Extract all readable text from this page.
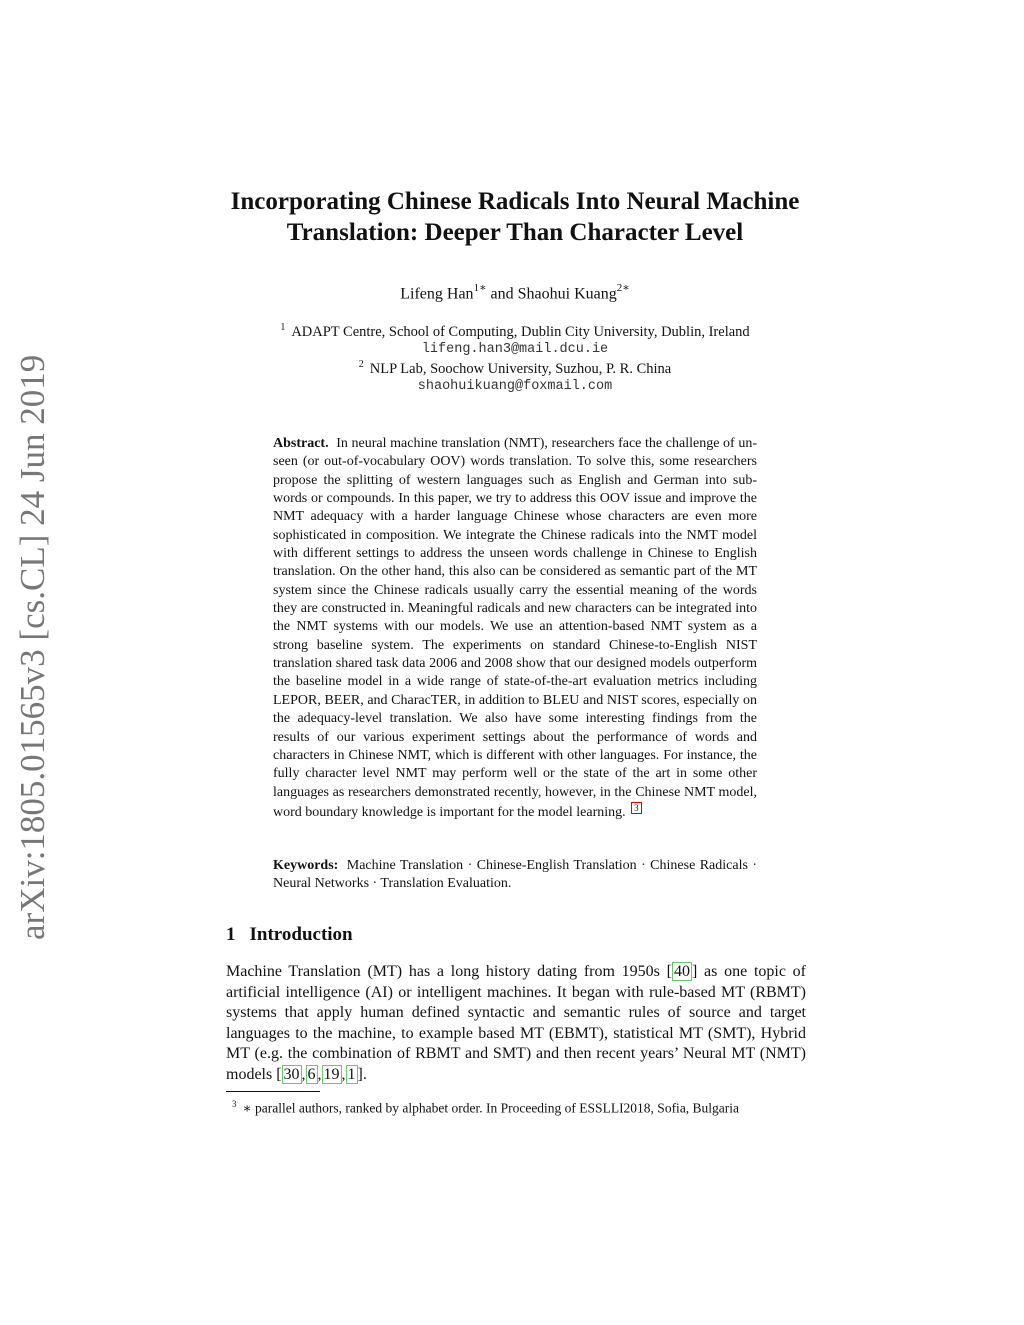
arXiv:1805.01565v3 [cs.CL] 24 Jun 2019
Incorporating Chinese Radicals Into Neural Machine Translation: Deeper Than Character Level
Lifeng Han$^{1∗}$ and Shaohui Kuang$^{2∗}$
$^1$ ADAPT Centre, School of Computing, Dublin City University, Dublin, Ireland
lifeng.han3@mail.dcu.ie
$^2$ NLP Lab, Soochow University, Suzhou, P. R. China
shaohuikuang@foxmail.com
Abstract. In neural machine translation (NMT), researchers face the challenge of un-seen (or out-of-vocabulary OOV) words translation. To solve this, some researchers propose the splitting of western languages such as English and German into sub-words or compounds. In this paper, we try to address this OOV issue and improve the NMT adequacy with a harder language Chinese whose characters are even more sophisticated in composition. We integrate the Chinese radicals into the NMT model with different settings to address the unseen words challenge in Chinese to English translation. On the other hand, this also can be considered as semantic part of the MT system since the Chinese radicals usually carry the essential meaning of the words they are constructed in. Meaningful radicals and new characters can be integrated into the NMT systems with our models. We use an attention-based NMT system as a strong baseline system. The experiments on standard Chinese-to-English NIST translation shared task data 2006 and 2008 show that our designed models outperform the baseline model in a wide range of state-of-the-art evaluation metrics including LEPOR, BEER, and CharacTER, in addition to BLEU and NIST scores, especially on the adequacy-level translation. We also have some interesting findings from the results of our various experiment settings about the performance of words and characters in Chinese NMT, which is different with other languages. For instance, the fully character level NMT may perform well or the state of the art in some other languages as researchers demonstrated recently, however, in the Chinese NMT model, word boundary knowledge is important for the model learning. 3
Keywords: Machine Translation · Chinese-English Translation · Chinese Radicals · Neural Networks · Translation Evaluation.
1 Introduction
Machine Translation (MT) has a long history dating from 1950s [ 40 ] as one topic of artificial intelligence (AI) or intelligent machines. It began with rule-based MT (RBMT) systems that apply human defined syntactic and semantic rules of source and target languages to the machine, to example based MT (EBMT), statistical MT (SMT), Hybrid MT (e.g. the combination of RBMT and SMT) and then recent years’ Neural MT (NMT) models [ 30 , 6 , 19 , 1 ].
$^3$ ∗ parallel authors, ranked by alphabet order. In Proceeding of ESSLLI2018, Sofia, Bulgaria
